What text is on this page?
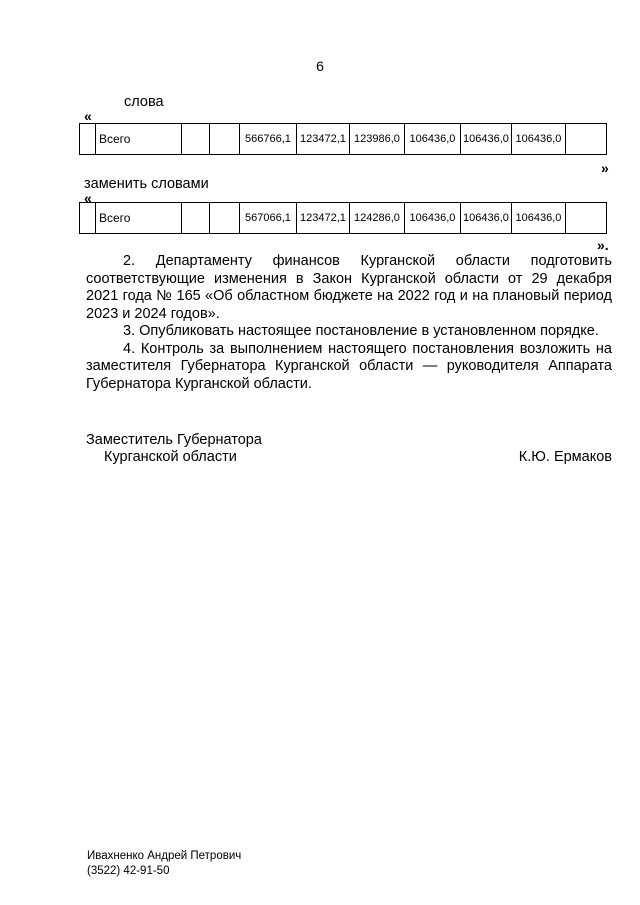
6
слова
«
	Всего			566766,1	123472,1	123986,0	106436,0	106436,0	106436,0	
»
заменить словами
«
	Всего			567066,1	123472,1	124286,0	106436,0	106436,0	106436,0	
».
2. Департаменту финансов Курганской области подготовить
соответствующие изменения в Закон Курганской области от 29 декабря
2021 года № 165 «Об областном бюджете на 2022 год и на плановый период
2023 и 2024 годов».
3. Опубликовать настоящее постановление в установленном порядке.
4. Контроль за выполнением настоящего постановления возложить на
заместителя Губернатора Курганской области — руководителя Аппарата
Губернатора Курганской области.
Заместитель Губернатора
Курганской области	К.Ю. Ермаков
Ивахненко Андрей Петрович
(3522) 42-91-50
